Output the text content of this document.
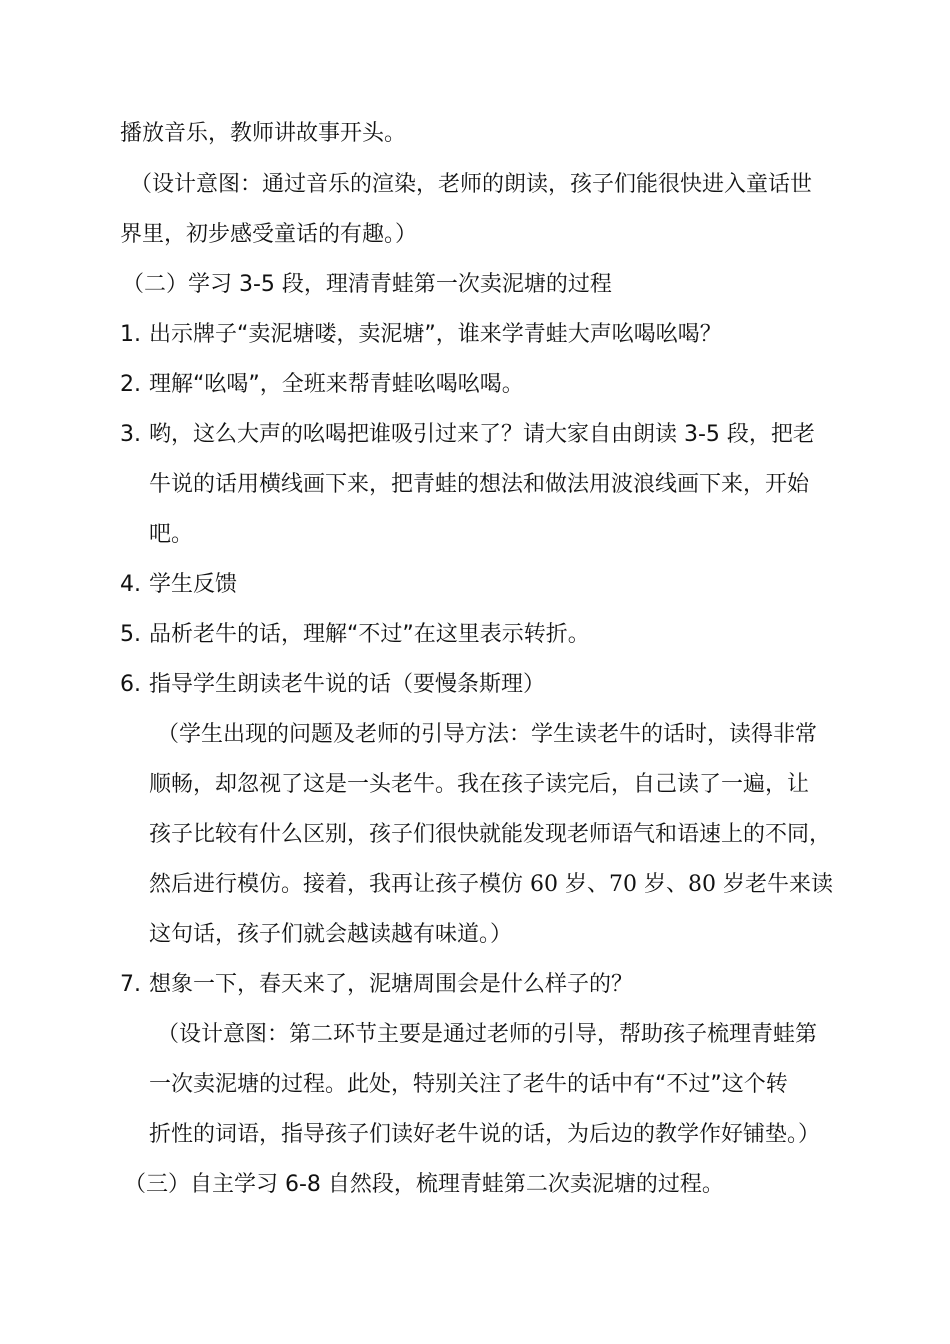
播放音乐，教师讲故事开头。
（设计意图：通过音乐的渲染，老师的朗读，孩子们能很快进入童话世
界里，初步感受童话的有趣。）
（二）学习 3-5 段，理清青蛙第一次卖泥塘的过程
1. 出示牌子“卖泥塘喽，卖泥塘”，谁来学青蛙大声吆喝吆喝？
2. 理解“吆喝”，全班来帮青蛙吆喝吆喝。
3. 哟，这么大声的吆喝把谁吸引过来了？请大家自由朗读 3-5 段，把老
牛说的话用横线画下来，把青蛙的想法和做法用波浪线画下来，开始
吧。
4. 学生反馈
5. 品析老牛的话，理解“不过”在这里表示转折。
6. 指导学生朗读老牛说的话（要慢条斯理）
（学生出现的问题及老师的引导方法：学生读老牛的话时，读得非常
顺畅，却忽视了这是一头老牛。我在孩子读完后，自己读了一遍，让
孩子比较有什么区别，孩子们很快就能发现老师语气和语速上的不同，
然后进行模仿。接着，我再让孩子模仿 60 岁、70 岁、80 岁老牛来读
这句话，孩子们就会越读越有味道。）
7. 想象一下，春天来了，泥塘周围会是什么样子的？
（设计意图：第二环节主要是通过老师的引导，帮助孩子梳理青蛙第
一次卖泥塘的过程。此处，特别关注了老牛的话中有“不过”这个转
折性的词语，指导孩子们读好老牛说的话，为后边的教学作好铺垫。）
（三）自主学习 6-8 自然段，梳理青蛙第二次卖泥塘的过程。
